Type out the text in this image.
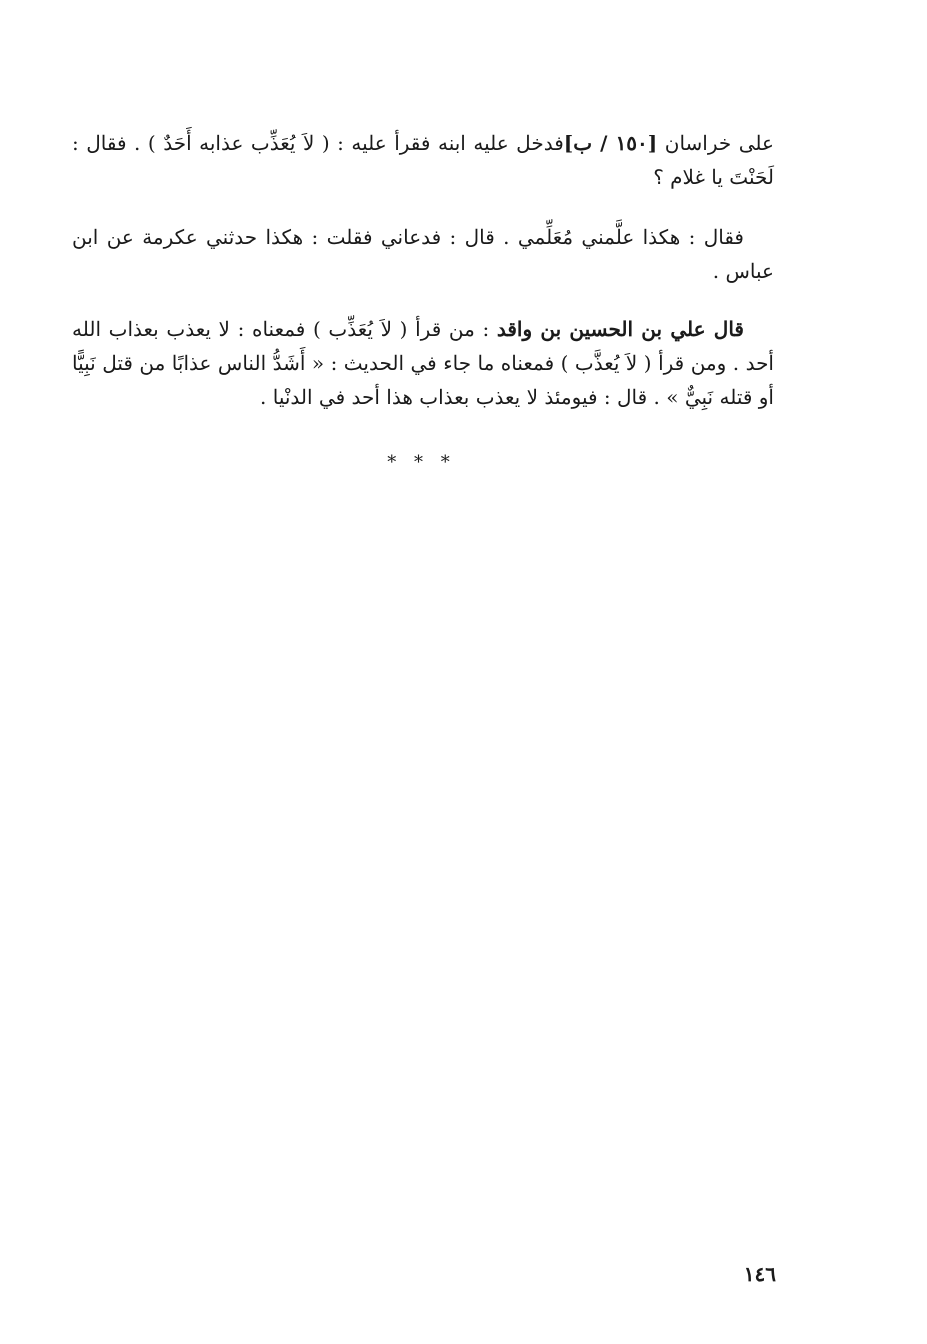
على خراسان [١٥٠ / ب]فدخل عليه ابنه فقرأ عليه : ( لاَ يُعَذِّب عذابه أَحَدٌ ) . فقال : لَحَنْتَ يا غلام ؟
فقال : هكذا علَّمني مُعَلِّمي . قال : فدعاني فقلت : هكذا حدثني عكرمة عن ابن عباس .
قال علي بن الحسين بن واقد : من قرأ ( لاَ يُعَذِّب ) فمعناه : لا يعذب بعذاب الله أحد . ومن قرأ ( لاَ يُعذَّب ) فمعناه ما جاء في الحديث : « أَشَدُّ الناس عذابًا من قتل نَبِيًّا أو قتله نَبِيٌّ » . قال : فيومئذ لا يعذب بعذاب هذا أحد في الدنْيا .
* * *
١٤٦
